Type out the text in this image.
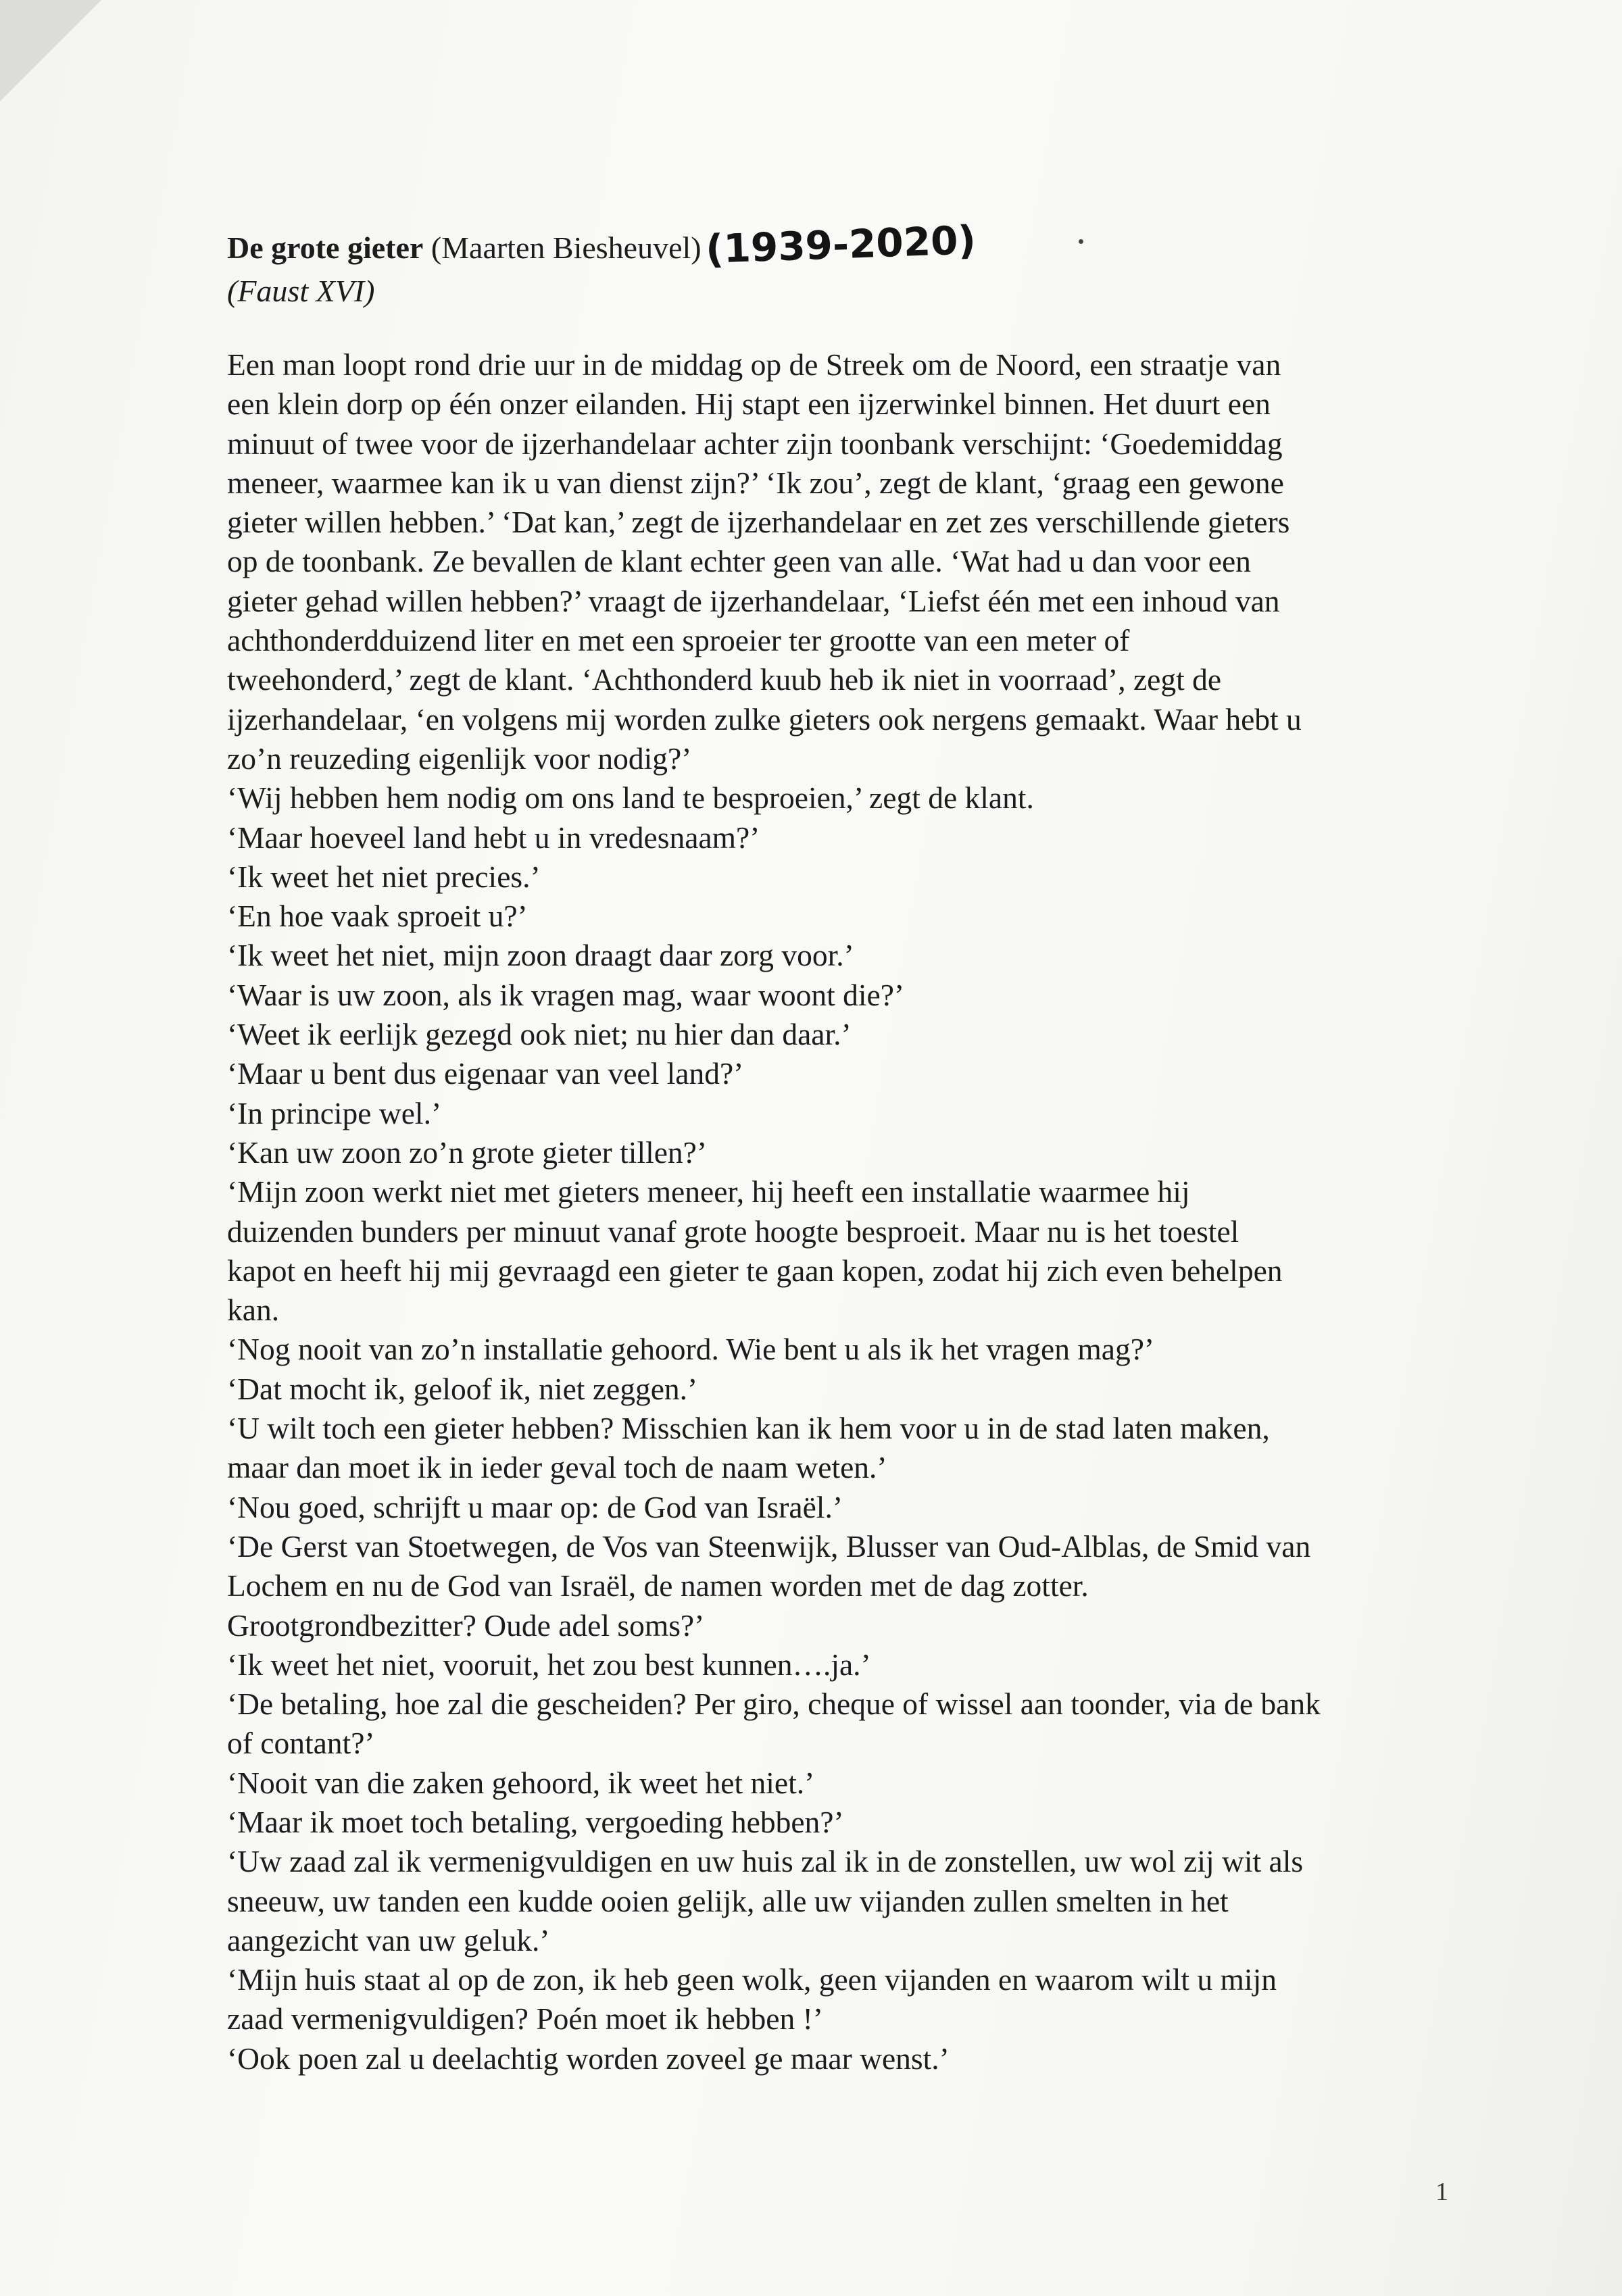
De grote gieter (Maarten Biesheuvel)(1939-2020)
(Faust XVI)
Een man loopt rond drie uur in de middag op de Streek om de Noord, een straatje van
een klein dorp op één onzer eilanden. Hij stapt een ijzerwinkel binnen. Het duurt een
minuut of twee voor de ijzerhandelaar achter zijn toonbank verschijnt: ‘Goedemiddag
meneer, waarmee kan ik u van dienst zijn?’ ‘Ik zou’, zegt de klant, ‘graag een gewone
gieter willen hebben.’ ‘Dat kan,’ zegt de ijzerhandelaar en zet zes verschillende gieters
op de toonbank. Ze bevallen de klant echter geen van alle. ‘Wat had u dan voor een
gieter gehad willen hebben?’ vraagt de ijzerhandelaar, ‘Liefst één met een inhoud van
achthonderdduizend liter en met een sproeier ter grootte van een meter of
tweehonderd,’ zegt de klant. ‘Achthonderd kuub heb ik niet in voorraad’, zegt de
ijzerhandelaar, ‘en volgens mij worden zulke gieters ook nergens gemaakt. Waar hebt u
zo’n reuzeding eigenlijk voor nodig?’
‘Wij hebben hem nodig om ons land te besproeien,’ zegt de klant.
‘Maar hoeveel land hebt u in vredesnaam?’
‘Ik weet het niet precies.’
‘En hoe vaak sproeit u?’
‘Ik weet het niet, mijn zoon draagt daar zorg voor.’
‘Waar is uw zoon, als ik vragen mag, waar woont die?’
‘Weet ik eerlijk gezegd ook niet; nu hier dan daar.’
‘Maar u bent dus eigenaar van veel land?’
‘In principe wel.’
‘Kan uw zoon zo’n grote gieter tillen?’
‘Mijn zoon werkt niet met gieters meneer, hij heeft een installatie waarmee hij
duizenden bunders per minuut vanaf grote hoogte besproeit. Maar nu is het toestel
kapot en heeft hij mij gevraagd een gieter te gaan kopen, zodat hij zich even behelpen
kan.
‘Nog nooit van zo’n installatie gehoord. Wie bent u als ik het vragen mag?’
‘Dat mocht ik, geloof ik, niet zeggen.’
‘U wilt toch een gieter hebben? Misschien kan ik hem voor u in de stad laten maken,
maar dan moet ik in ieder geval toch de naam weten.’
‘Nou goed, schrijft u maar op: de God van Israël.’
‘De Gerst van Stoetwegen, de Vos van Steenwijk, Blusser van Oud-Alblas, de Smid van
Lochem en nu de God van Israël, de namen worden met de dag zotter.
Grootgrondbezitter? Oude adel soms?’
‘Ik weet het niet, vooruit, het zou best kunnen….ja.’
‘De betaling, hoe zal die gescheiden? Per giro, cheque of wissel aan toonder, via de bank
of contant?’
‘Nooit van die zaken gehoord, ik weet het niet.’
‘Maar ik moet toch betaling, vergoeding hebben?’
‘Uw zaad zal ik vermenigvuldigen en uw huis zal ik in de zonstellen, uw wol zij wit als
sneeuw, uw tanden een kudde ooien gelijk, alle uw vijanden zullen smelten in het
aangezicht van uw geluk.’
‘Mijn huis staat al op de zon, ik heb geen wolk, geen vijanden en waarom wilt u mijn
zaad vermenigvuldigen? Poén moet ik hebben !’
‘Ook poen zal u deelachtig worden zoveel ge maar wenst.’
1
